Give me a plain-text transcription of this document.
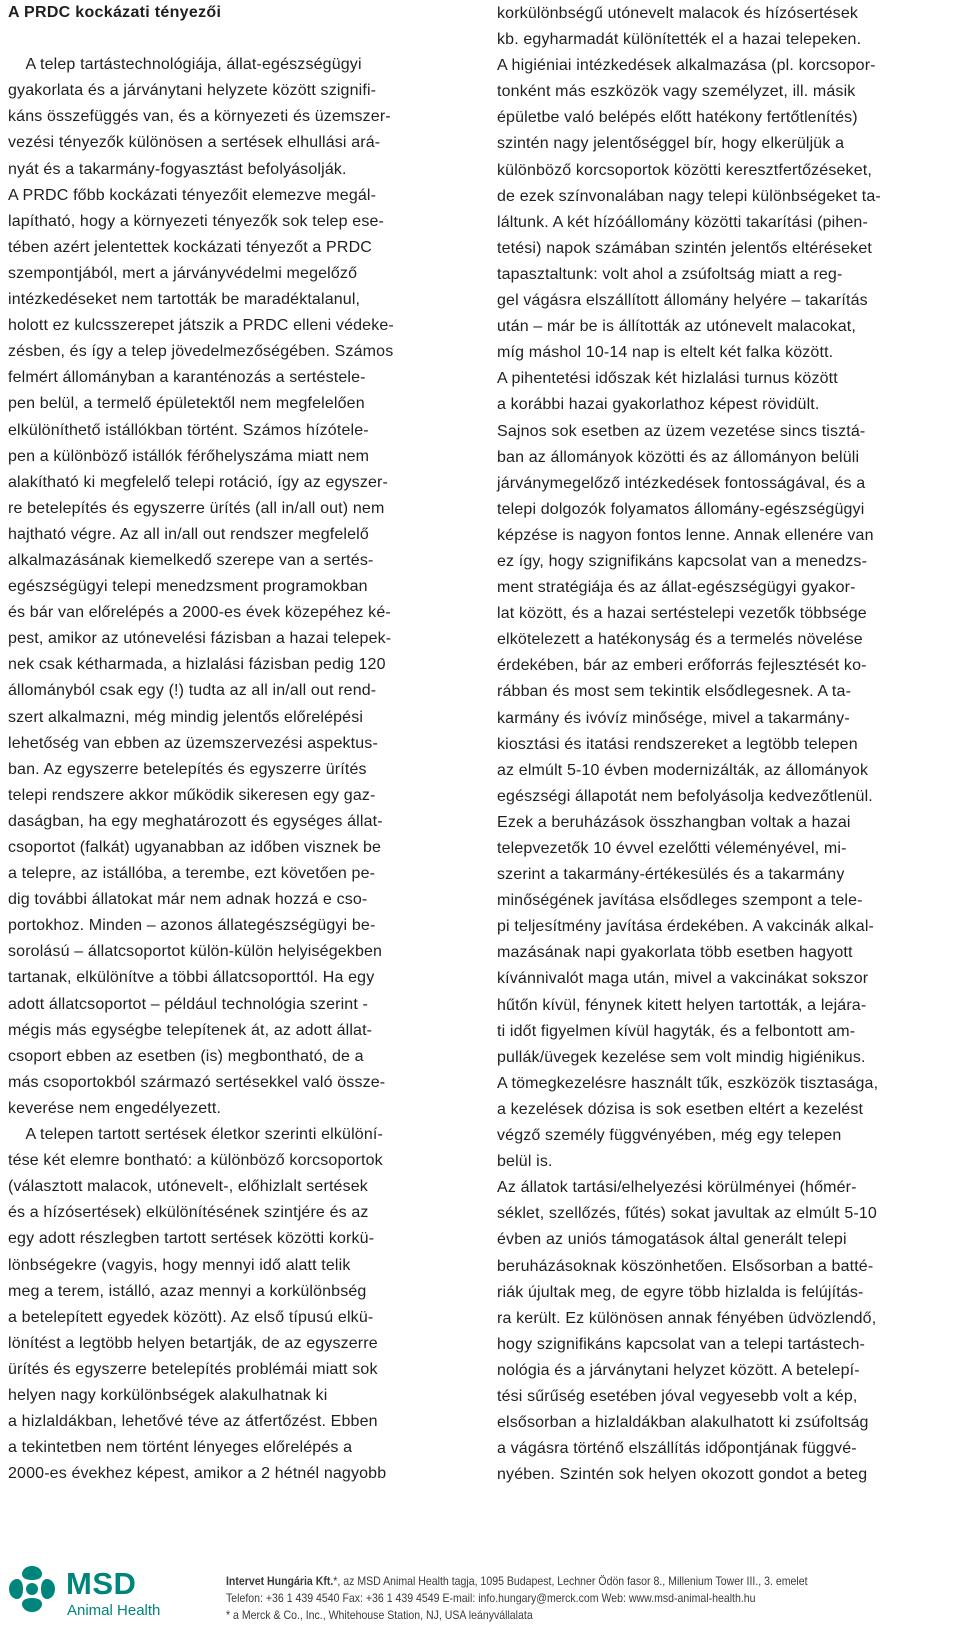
A PRDC kockázati tényezői
A telep tartástechnológiája, állat-egészségügyi
gyakorlata és a járványtani helyzete között szignifi-
káns összefüggés van, és a környezeti és üzemszer-
vezési tényezők különösen a sertések elhullási ará-
nyát és a takarmány-fogyasztást befolyásolják.
A PRDC főbb kockázati tényezőit elemezve megál-
lapítható, hogy a környezeti tényezők sok telep ese-
tében azért jelentettek kockázati tényezőt a PRDC
szempontjából, mert a járványvédelmi megelőző
intézkedéseket nem tartották be maradéktalanul,
holott ez kulcsszerepet játszik a PRDC elleni védeke-
zésben, és így a telep jövedelmezőségében. Számos
felmért állományban a karanténozás a sertéstele-
pen belül, a termelő épületektől nem megfelelően
elkülöníthető istállókban történt. Számos hízótele-
pen a különböző istállók férőhelyszáma miatt nem
alakítható ki megfelelő telepi rotáció, így az egyszer-
re betelepítés és egyszerre ürítés (all in/all out) nem
hajtható végre. Az all in/all out rendszer megfelelő
alkalmazásának kiemelkedő szerepe van a sertés-
egészségügyi telepi menedzsment programokban
és bár van előrelépés a 2000-es évek közepéhez ké-
pest, amikor az utónevelési fázisban a hazai telepek-
nek csak kétharmada, a hizlalási fázisban pedig 120
állományból csak egy (!) tudta az all in/all out rend-
szert alkalmazni, még mindig jelentős előrelépési
lehetőség van ebben az üzemszervezési aspektus-
ban. Az egyszerre betelepítés és egyszerre ürítés
telepi rendszere akkor működik sikeresen egy gaz-
daságban, ha egy meghatározott és egységes állat-
csoportot (falkát) ugyanabban az időben visznek be
a telepre, az istállóba, a terembe, ezt követően pe-
dig további állatokat már nem adnak hozzá e cso-
portokhoz. Minden – azonos állategészségügyi be-
sorolású – állatcsoportot külön-külön helyiségekben
tartanak, elkülönítve a többi állatcsoporttól. Ha egy
adott állatcsoportot – például technológia szerint -
mégis más egységbe telepítenek át, az adott állat-
csoport ebben az esetben (is) megbontható, de a
más csoportokból származó sertésekkel való össze-
keverése nem engedélyezett.
A telepen tartott sertések életkor szerinti elkülöní-
tése két elemre bontható: a különböző korcsoportok
(választott malacok, utónevelt-, előhizlalt sertések
és a hízósertések) elkülönítésének szintjére és az
egy adott részlegben tartott sertések közötti korkü-
lönbségekre (vagyis, hogy mennyi idő alatt telik
meg a terem, istálló, azaz mennyi a korkülönbség
a betelepített egyedek között). Az első típusú elkü-
lönítést a legtöbb helyen betartják, de az egyszerre
ürítés és egyszerre betelepítés problémái miatt sok
helyen nagy korkülönbségek alakulhatnak ki
a hizlaldákban, lehetővé téve az átfertőzést. Ebben
a tekintetben nem történt lényeges előrelépés a
2000-es évekhez képest, amikor a 2 hétnél nagyobb
korkülönbségű utónevelt malacok és hízósertések
kb. egyharmadát különítették el a hazai telepeken.
A higiéniai intézkedések alkalmazása (pl. korcsopor-
tonként más eszközök vagy személyzet, ill. másik
épületbe való belépés előtt hatékony fertőtlenítés)
szintén nagy jelentőséggel bír, hogy elkerüljük a
különböző korcsoportok közötti keresztfertőzéseket,
de ezek színvonalában nagy telepi különbségeket ta-
láltunk. A két hízóállomány közötti takarítási (pihen-
tetési) napok számában szintén jelentős eltéréseket
tapasztaltunk: volt ahol a zsúfoltság miatt a reg-
gel vágásra elszállított állomány helyére – takarítás
után – már be is állították az utónevelt malacokat,
míg máshol 10-14 nap is eltelt két falka között.
A pihentetési időszak két hizlalási turnus között
a korábbi hazai gyakorlathoz képest rövidült.
Sajnos sok esetben az üzem vezetése sincs tisztá-
ban az állományok közötti és az állományon belüli
járványmegelőző intézkedések fontosságával, és a
telepi dolgozók folyamatos állomány-egészségügyi
képzése is nagyon fontos lenne. Annak ellenére van
ez így, hogy szignifikáns kapcsolat van a menedzs-
ment stratégiája és az állat-egészségügyi gyakor-
lat között, és a hazai sertéstelepi vezetők többsége
elkötelezett a hatékonyság és a termelés növelése
érdekében, bár az emberi erőforrás fejlesztését ko-
rábban és most sem tekintik elsődlegesnek. A ta-
karmány és ivóvíz minősége, mivel a takarmány-
kiosztási és itatási rendszereket a legtöbb telepen
az elmúlt 5-10 évben modernizálták, az állományok
egészségi állapotát nem befolyásolja kedvezőtlenül.
Ezek a beruházások összhangban voltak a hazai
telepvezetők 10 évvel ezelőtti véleményével, mi-
szerint a takarmány-értékesülés és a takarmány
minőségének javítása elsődleges szempont a tele-
pi teljesítmény javítása érdekében. A vakcinák alkal-
mazásának napi gyakorlata több esetben hagyott
kívánnivalót maga után, mivel a vakcinákat sokszor
hűtőn kívül, fénynek kitett helyen tartották, a lejára-
ti időt figyelmen kívül hagyták, és a felbontott am-
pullák/üvegek kezelése sem volt mindig higiénikus.
A tömegkezelésre használt tűk, eszközök tisztasága,
a kezelések dózisa is sok esetben eltért a kezelést
végző személy függvényében, még egy telepen
belül is.
Az állatok tartási/elhelyezési körülményei (hőmér-
séklet, szellőzés, fűtés) sokat javultak az elmúlt 5-10
évben az uniós támogatások által generált telepi
beruházásoknak köszönhetően. Elsősorban a batté-
riák újultak meg, de egyre több hizlalda is felújítás-
ra került. Ez különösen annak fényében üdvözlendő,
hogy szignifikáns kapcsolat van a telepi tartástech-
nológia és a járványtani helyzet között. A betelepí-
tési sűrűség esetében jóval vegyesebb volt a kép,
elsősorban a hizlaldákban alakulhatott ki zsúfoltság
a vágásra történő elszállítás időpontjának függvé-
nyében. Szintén sok helyen okozott gondot a beteg
MSD
Animal Health
Intervet Hungária Kft.*, az MSD Animal Health tagja, 1095 Budapest, Lechner Ödön fasor 8., Millenium Tower III., 3. emelet
Telefon: +36 1 439 4540 Fax: +36 1 439 4549 E-mail: info.hungary@merck.com Web: www.msd-animal-health.hu
* a Merck & Co., Inc., Whitehouse Station, NJ, USA leányvállalata
